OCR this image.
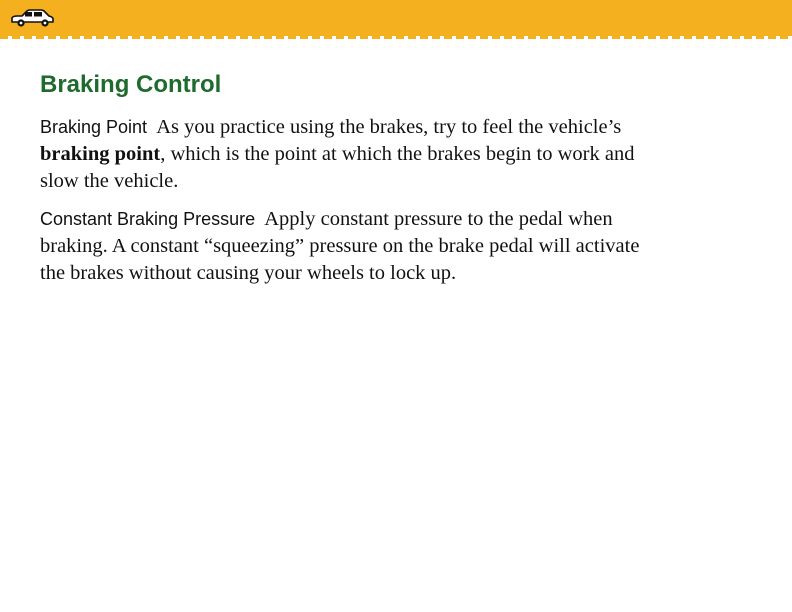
Braking Control

Braking Point As you practice using the brakes, try to feel the vehicle’s braking point, which is the point at which the brakes begin to work and slow the vehicle.

Constant Braking Pressure Apply constant pressure to the pedal when braking. A constant “squeezing” pressure on the brake pedal will activate the brakes without causing your wheels to lock up.
